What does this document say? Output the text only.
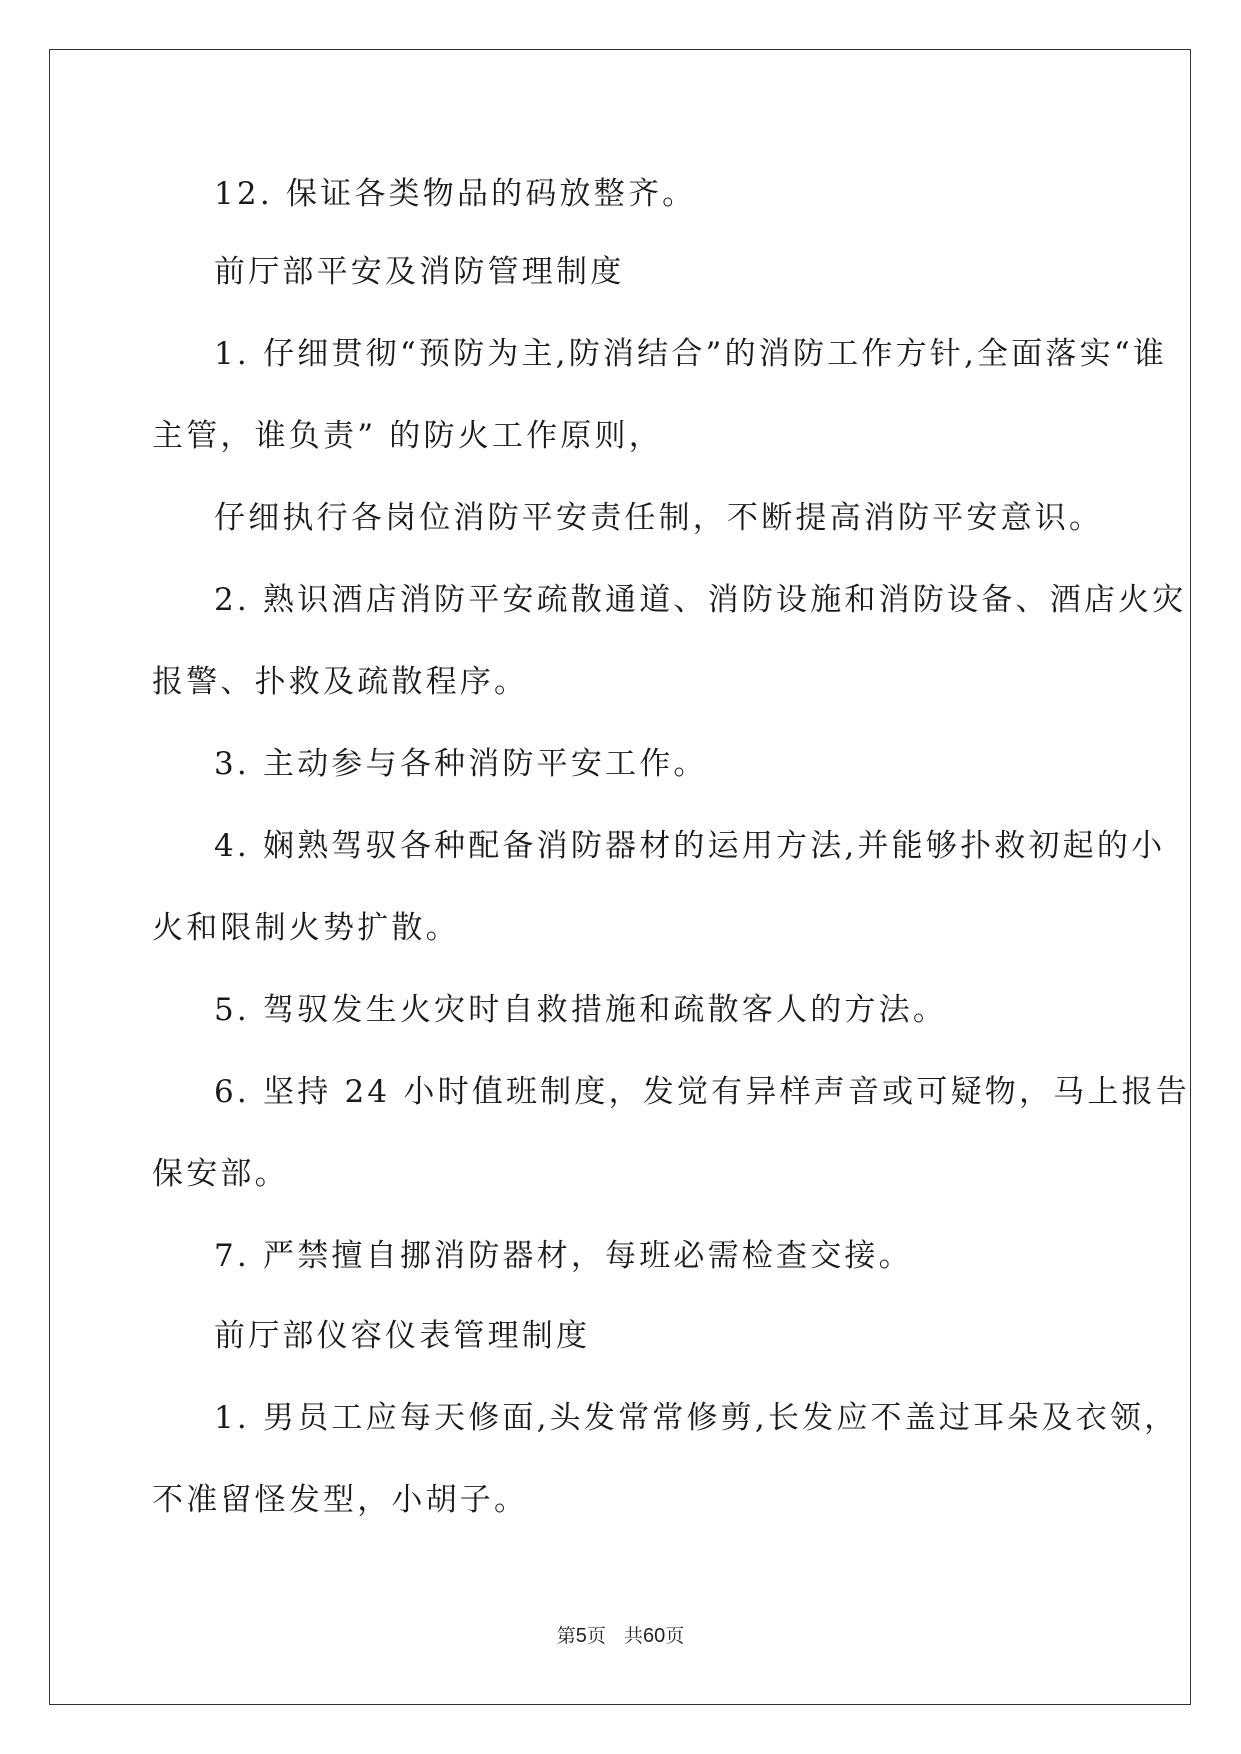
12. 保证各类物品的码放整齐。
前厅部平安及消防管理制度
1. 仔细贯彻“预防为主,防消结合”的消防工作方针,全面落实“谁
主管，谁负责” 的防火工作原则，
仔细执行各岗位消防平安责任制，不断提高消防平安意识。
2. 熟识酒店消防平安疏散通道、消防设施和消防设备、酒店火灾
报警、扑救及疏散程序。
3. 主动参与各种消防平安工作。
4. 娴熟驾驭各种配备消防器材的运用方法,并能够扑救初起的小
火和限制火势扩散。
5. 驾驭发生火灾时自救措施和疏散客人的方法。
6. 坚持 24 小时值班制度，发觉有异样声音或可疑物，马上报告
保安部。
7. 严禁擅自挪消防器材，每班必需检查交接。
前厅部仪容仪表管理制度
1. 男员工应每天修面,头发常常修剪,长发应不盖过耳朵及衣领，
不准留怪发型，小胡子。
第5页 共60页
